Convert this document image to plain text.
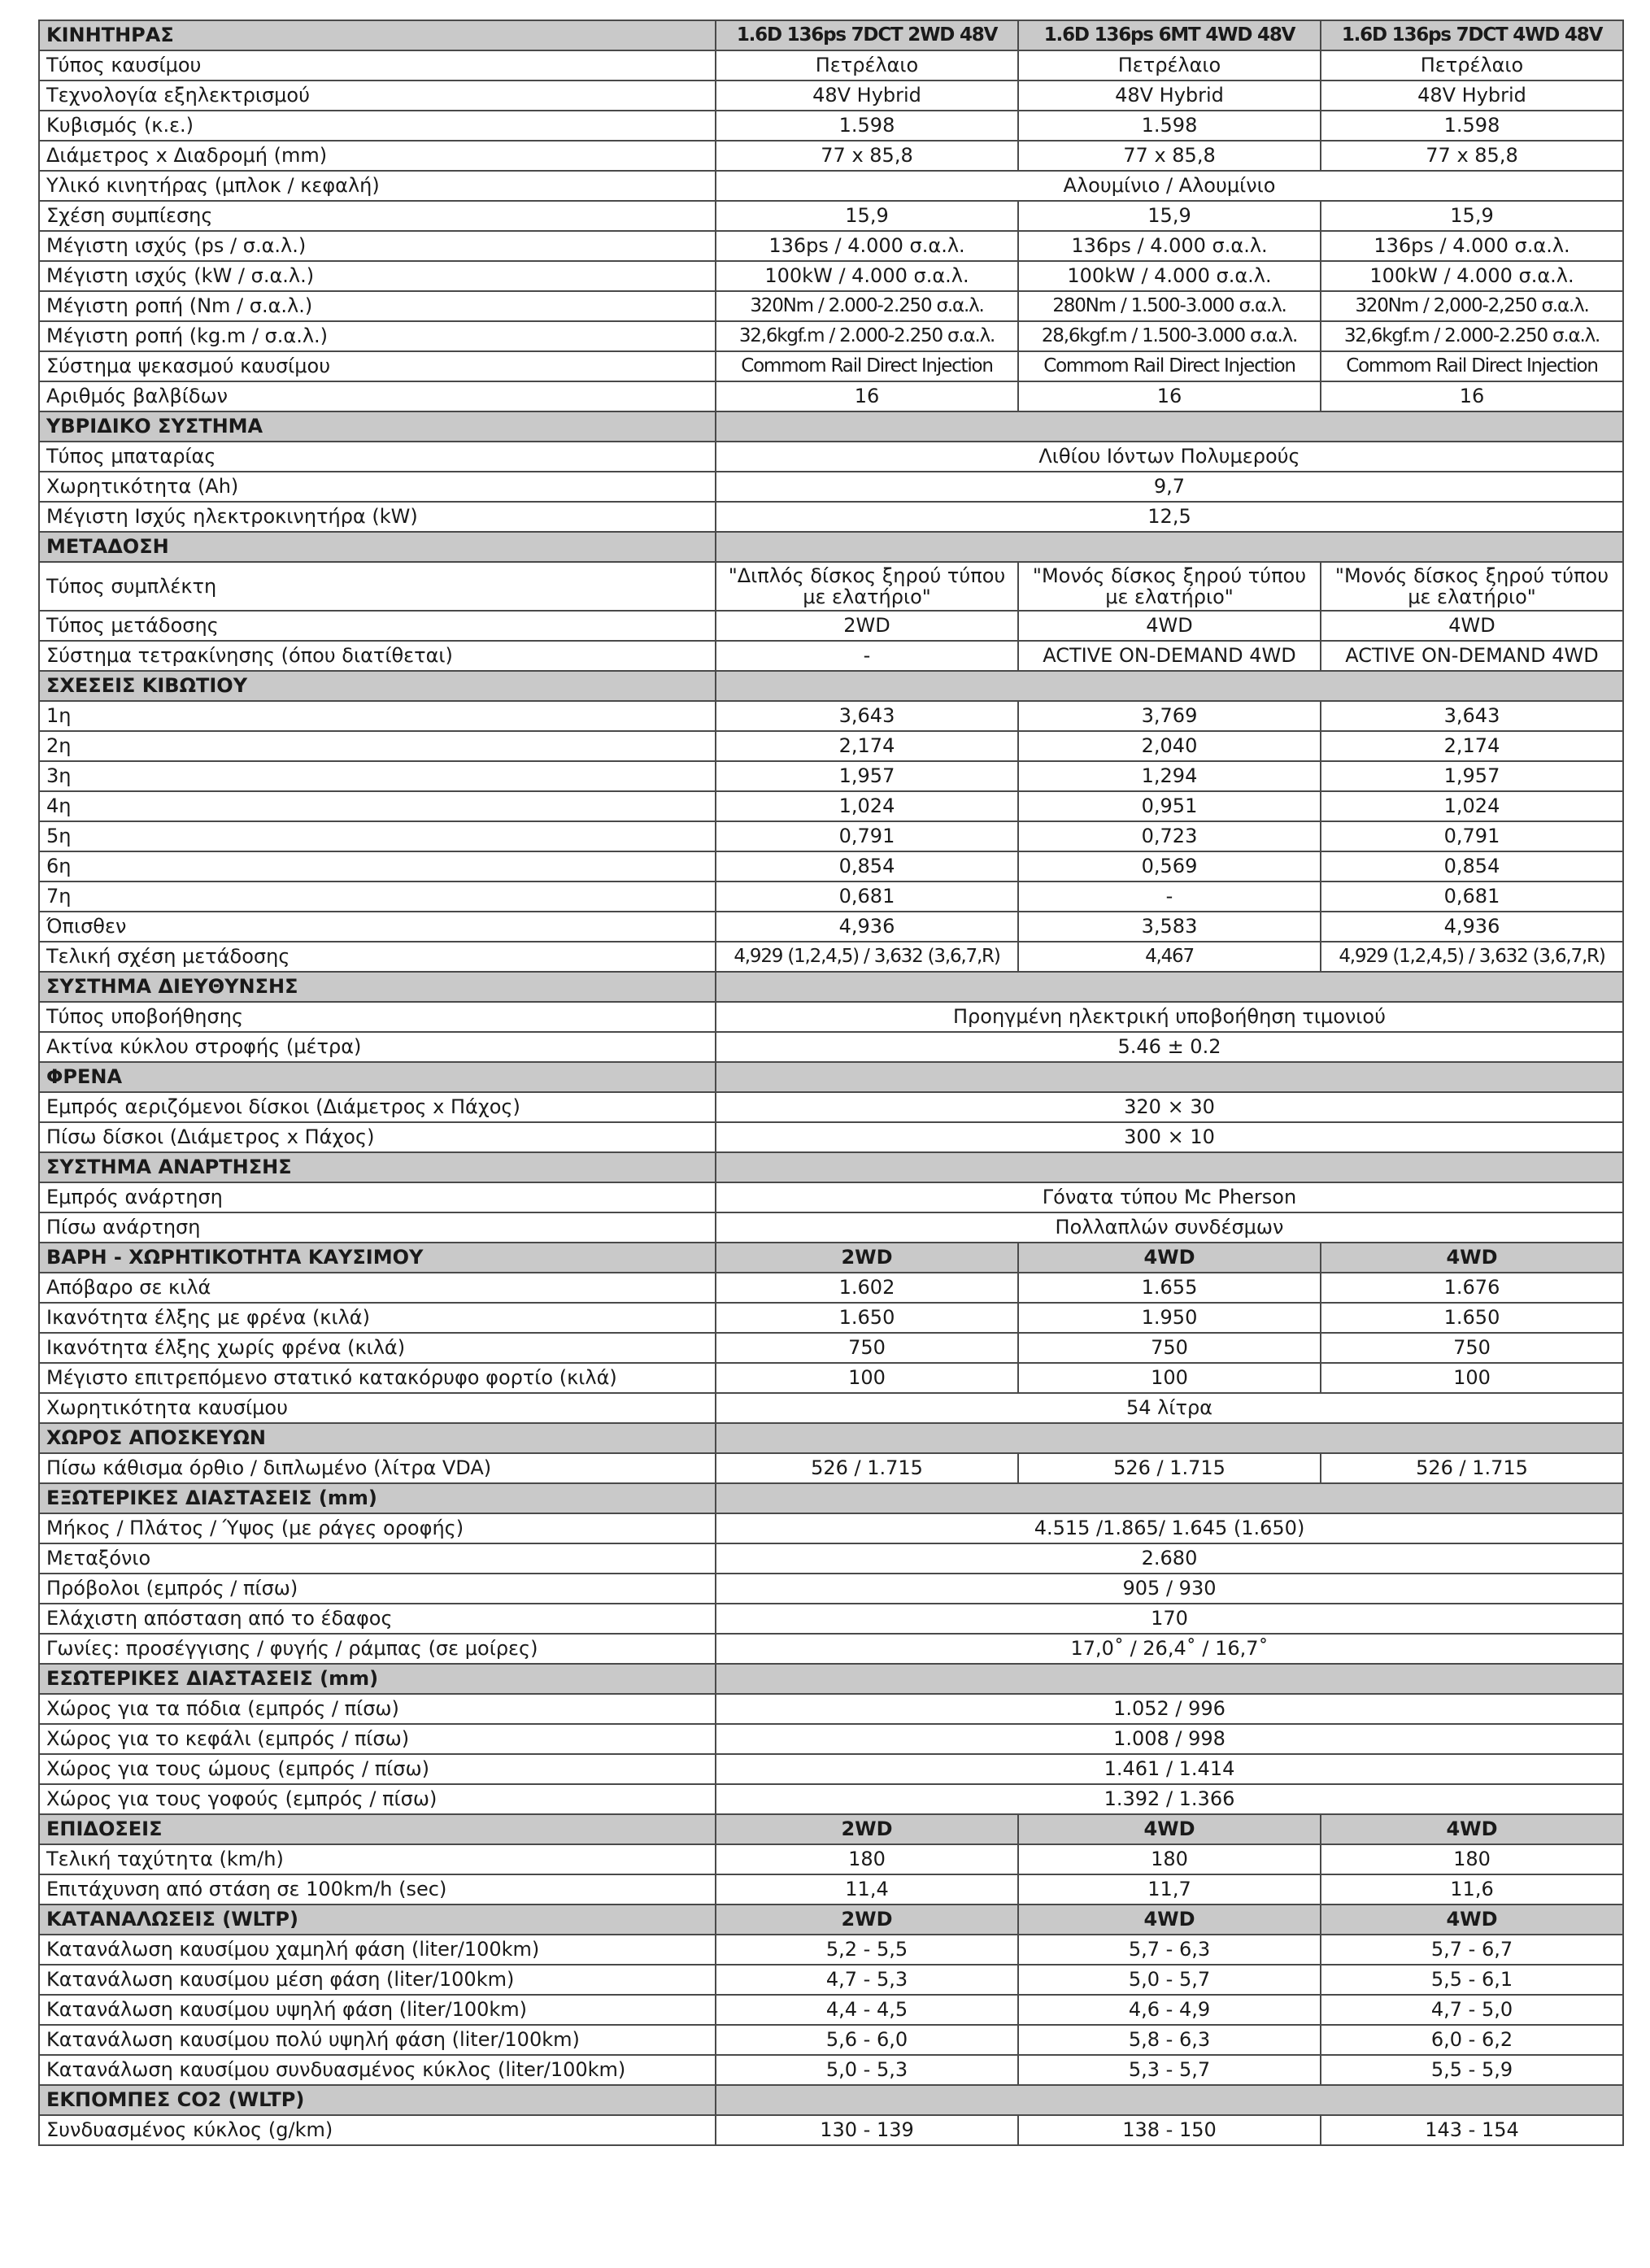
ΚΙΝΗΤΗΡΑΣ	1.6D 136ps 7DCT 2WD 48V	1.6D 136ps 6MT 4WD 48V	1.6D 136ps 7DCT 4WD 48V
Τύπος καυσίμου	Πετρέλαιο	Πετρέλαιο	Πετρέλαιο
Τεχνολογία εξηλεκτρισμού	48V Hybrid	48V Hybrid	48V Hybrid
Κυβισμός (κ.ε.)	1.598	1.598	1.598
Διάμετρος x Διαδρομή (mm)	77 x 85,8	77 x 85,8	77 x 85,8
Υλικό κινητήρας (μπλοκ / κεφαλή)	Αλουμίνιο / Αλουμίνιο		
Σχέση συμπίεσης	15,9	15,9	15,9
Μέγιστη ισχύς (ps / σ.α.λ.)	136ps / 4.000 σ.α.λ.	136ps / 4.000 σ.α.λ.	136ps / 4.000 σ.α.λ.
Μέγιστη ισχύς (kW / σ.α.λ.)	100kW / 4.000 σ.α.λ.	100kW / 4.000 σ.α.λ.	100kW / 4.000 σ.α.λ.
Μέγιστη ροπή (Nm / σ.α.λ.)	320Nm / 2.000-2.250 σ.α.λ.	280Nm / 1.500-3.000 σ.α.λ.	320Nm / 2,000-2,250 σ.α.λ.
Μέγιστη ροπή (kg.m / σ.α.λ.)	32,6kgf.m / 2.000-2.250 σ.α.λ.	28,6kgf.m / 1.500-3.000 σ.α.λ.	32,6kgf.m / 2.000-2.250 σ.α.λ.
Σύστημα ψεκασμού καυσίμου	Commom Rail Direct Injection	Commom Rail Direct Injection	Commom Rail Direct Injection
Αριθμός βαλβίδων	16	16	16
ΥΒΡΙΔΙΚΟ ΣΥΣΤΗΜΑ			
Τύπος μπαταρίας	Λιθίου Ιόντων Πολυμερούς		
Χωρητικότητα (Ah)	9,7		
Μέγιστη Ισχύς ηλεκτροκινητήρα (kW)	12,5		
ΜΕΤΑΔΟΣΗ			
Τύπος συμπλέκτη	"Διπλός δίσκος ξηρού τύπου με ελατήριο"	"Μονός δίσκος ξηρού τύπου με ελατήριο"	"Μονός δίσκος ξηρού τύπου με ελατήριο"
Τύπος μετάδοσης	2WD	4WD	4WD
Σύστημα τετρακίνησης (όπου διατίθεται)	-	ACTIVE ON-DEMAND 4WD	ACTIVE ON-DEMAND 4WD
ΣΧΕΣΕΙΣ ΚΙΒΩΤΙΟΥ			
1η	3,643	3,769	3,643
2η	2,174	2,040	2,174
3η	1,957	1,294	1,957
4η	1,024	0,951	1,024
5η	0,791	0,723	0,791
6η	0,854	0,569	0,854
7η	0,681	-	0,681
Όπισθεν	4,936	3,583	4,936
Τελική σχέση μετάδοσης	4,929 (1,2,4,5) / 3,632 (3,6,7,R)	4,467	4,929 (1,2,4,5) / 3,632 (3,6,7,R)
ΣΥΣΤΗΜΑ ΔΙΕΥΘΥΝΣΗΣ			
Τύπος υποβοήθησης	Προηγμένη ηλεκτρική υποβοήθηση τιμονιού		
Ακτίνα κύκλου στροφής (μέτρα)	5.46 ± 0.2		
ΦΡΕΝΑ			
Εμπρός αεριζόμενοι δίσκοι (Διάμετρος x Πάχος)	320 × 30		
Πίσω δίσκοι (Διάμετρος x Πάχος)	300 × 10		
ΣΥΣΤΗΜΑ ΑΝΑΡΤΗΣΗΣ			
Εμπρός ανάρτηση	Γόνατα τύπου Mc Pherson		
Πίσω ανάρτηση	Πολλαπλών συνδέσμων		
ΒΑΡΗ - ΧΩΡΗΤΙΚΟΤΗΤΑ ΚΑΥΣΙΜΟΥ	2WD	4WD	4WD
Απόβαρο σε κιλά	1.602	1.655	1.676
Ικανότητα έλξης με φρένα (κιλά)	1.650	1.950	1.650
Ικανότητα έλξης χωρίς φρένα (κιλά)	750	750	750
Μέγιστο επιτρεπόμενο στατικό κατακόρυφο φορτίο (κιλά)	100	100	100
Χωρητικότητα καυσίμου	54 λίτρα		
ΧΩΡΟΣ ΑΠΟΣΚΕΥΩΝ			
Πίσω κάθισμα όρθιο / διπλωμένο (λίτρα VDA)	526 / 1.715	526 / 1.715	526 / 1.715
ΕΞΩΤΕΡΙΚΕΣ ΔΙΑΣΤΑΣΕΙΣ (mm)			
Μήκος / Πλάτος / Ύψος (με ράγες οροφής)	4.515 /1.865/ 1.645 (1.650)		
Μεταξόνιο	2.680		
Πρόβολοι (εμπρός / πίσω)	905 / 930		
Ελάχιστη απόσταση από το έδαφος	170		
Γωνίες: προσέγγισης / φυγής / ράμπας (σε μοίρες)	17,0˚ / 26,4˚ / 16,7˚		
ΕΣΩΤΕΡΙΚΕΣ ΔΙΑΣΤΑΣΕΙΣ (mm)			
Χώρος για τα πόδια (εμπρός / πίσω)	1.052 / 996		
Χώρος για το κεφάλι (εμπρός / πίσω)	1.008 / 998		
Χώρος για τους ώμους (εμπρός / πίσω)	1.461 / 1.414		
Χώρος για τους γοφούς (εμπρός / πίσω)	1.392 / 1.366		
ΕΠΙΔΟΣΕΙΣ	2WD	4WD	4WD
Τελική ταχύτητα (km/h)	180	180	180
Επιτάχυνση από στάση σε 100km/h (sec)	11,4	11,7	11,6
ΚΑΤΑΝΑΛΩΣΕΙΣ (WLTP)	2WD	4WD	4WD
Κατανάλωση καυσίμου χαμηλή φάση (liter/100km)	5,2 - 5,5	5,7 - 6,3	5,7 - 6,7
Κατανάλωση καυσίμου μέση φάση (liter/100km)	4,7 - 5,3	5,0 - 5,7	5,5 - 6,1
Κατανάλωση καυσίμου υψηλή φάση (liter/100km)	4,4 - 4,5	4,6 - 4,9	4,7 - 5,0
Κατανάλωση καυσίμου πολύ υψηλή φάση (liter/100km)	5,6 - 6,0	5,8 - 6,3	6,0 - 6,2
Κατανάλωση καυσίμου συνδυασμένος κύκλος (liter/100km)	5,0 - 5,3	5,3 - 5,7	5,5 - 5,9
ΕΚΠΟΜΠΕΣ CO2 (WLTP)			
Συνδυασμένος κύκλος (g/km)	130 - 139	138 - 150	143 - 154
